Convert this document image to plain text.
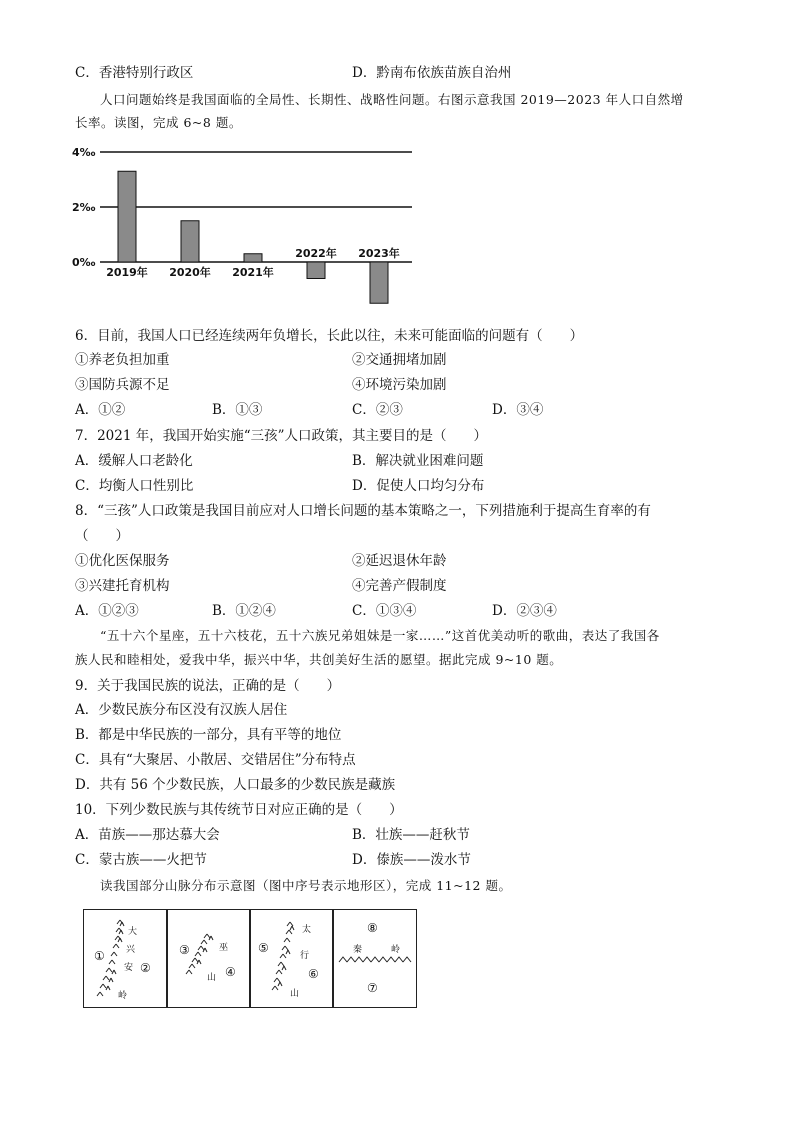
C．香港特别行政区	D．黔南布依族苗族自治州
人口问题始终是我国面临的全局性、长期性、战略性问题。右图示意我国 2019—2023 年人口自然增
长率。读图，完成 6~8 题。
0‰
2‰
4‰
2019年 2020年 2021年
2022年 2023年
6．目前，我国人口已经连续两年负增长，长此以往，未来可能面临的问题有（　　）
①养老负担加重	②交通拥堵加剧
③国防兵源不足	④环境污染加剧
A．①②	B．①③	C．②③	D．③④
7．2021 年，我国开始实施“三孩”人口政策，其主要目的是（　　）
A．缓解人口老龄化	B．解决就业困难问题
C．均衡人口性别比	D．促使人口均匀分布
8．“三孩”人口政策是我国目前应对人口增长问题的基本策略之一，下列措施利于提高生育率的有
（　　）
①优化医保服务	②延迟退休年龄
③兴建托育机构	④完善产假制度
A．①②③	B．①②④	C．①③④	D．②③④
“五十六个星座，五十六枝花，五十六族兄弟姐妹是一家……”这首优美动听的歌曲，表达了我国各
族人民和睦相处，爱我中华，振兴中华，共创美好生活的愿望。据此完成 9~10 题。
9．关于我国民族的说法，正确的是（　　）
A．少数民族分布区没有汉族人居住
B．都是中华民族的一部分，具有平等的地位
C．具有“大聚居、小散居、交错居住”分布特点
D．共有 56 个少数民族，人口最多的少数民族是藏族
10．下列少数民族与其传统节日对应正确的是（　　）
A．苗族——那达慕大会	B．壮族——赶秋节
C．蒙古族——火把节	D．傣族——泼水节
读我国部分山脉分布示意图（图中序号表示地形区），完成 11~12 题。
①
②
大
兴
安
岭
③
④
巫
山
⑤
⑥
太
行
山
⑧
⑦
秦	岭
